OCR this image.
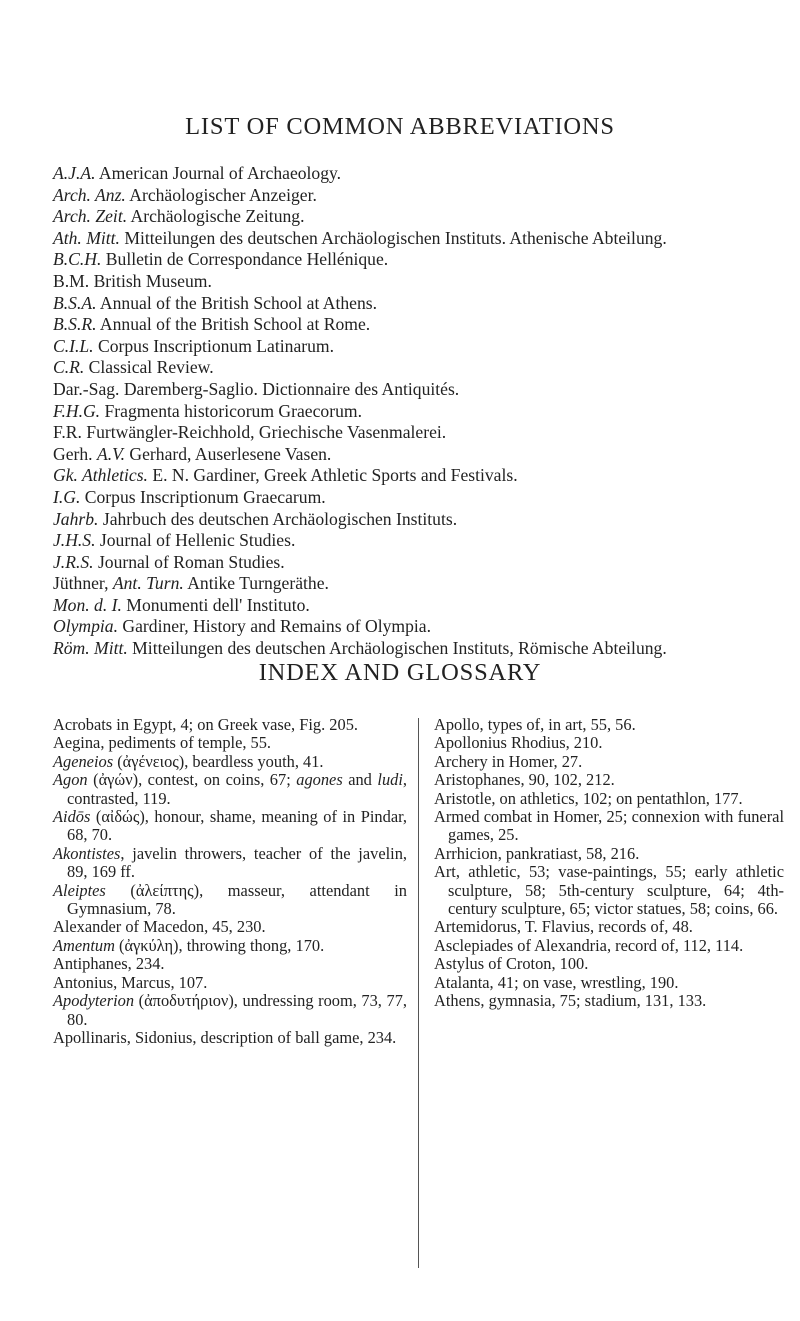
LIST OF COMMON ABBREVIATIONS
A.J.A. American Journal of Archaeology.
Arch. Anz. Archäologischer Anzeiger.
Arch. Zeit. Archäologische Zeitung.
Ath. Mitt. Mitteilungen des deutschen Archäologischen Instituts. Athenische Abteilung.
B.C.H. Bulletin de Correspondance Hellénique.
B.M. British Museum.
B.S.A. Annual of the British School at Athens.
B.S.R. Annual of the British School at Rome.
C.I.L. Corpus Inscriptionum Latinarum.
C.R. Classical Review.
Dar.-Sag. Daremberg-Saglio. Dictionnaire des Antiquités.
F.H.G. Fragmenta historicorum Graecorum.
F.R. Furtwängler-Reichhold, Griechische Vasenmalerei.
Gerh. A.V. Gerhard, Auserlesene Vasen.
Gk. Athletics. E. N. Gardiner, Greek Athletic Sports and Festivals.
I.G. Corpus Inscriptionum Graecarum.
Jahrb. Jahrbuch des deutschen Archäologischen Instituts.
J.H.S. Journal of Hellenic Studies.
J.R.S. Journal of Roman Studies.
Jüthner, Ant. Turn. Antike Turngeräthe.
Mon. d. I. Monumenti dell' Instituto.
Olympia. Gardiner, History and Remains of Olympia.
Röm. Mitt. Mitteilungen des deutschen Archäologischen Instituts, Römische Abteilung.
INDEX AND GLOSSARY
Acrobats in Egypt, 4; on Greek vase, Fig. 205.
Aegina, pediments of temple, 55.
Ageneios (ἀγένειος), beardless youth, 41.
Agon (ἀγών), contest, on coins, 67; agones and ludi, contrasted, 119.
Aidōs (αἰδώς), honour, shame, meaning of in Pindar, 68, 70.
Akontistes, javelin throwers, teacher of the javelin, 89, 169 ff.
Aleiptes (ἀλείπτης), masseur, attendant in Gymnasium, 78.
Alexander of Macedon, 45, 230.
Amentum (ἀγκύλη), throwing thong, 170.
Antiphanes, 234.
Antonius, Marcus, 107.
Apodyterion (ἀποδυτήριον), undressing room, 73, 77, 80.
Apollinaris, Sidonius, description of ball game, 234.
Apollo, types of, in art, 55, 56.
Apollonius Rhodius, 210.
Archery in Homer, 27.
Aristophanes, 90, 102, 212.
Aristotle, on athletics, 102; on pentathlon, 177.
Armed combat in Homer, 25; connexion with funeral games, 25.
Arrhicion, pankratiast, 58, 216.
Art, athletic, 53; vase-paintings, 55; early athletic sculpture, 58; 5th-century sculpture, 64; 4th-century sculpture, 65; victor statues, 58; coins, 66.
Artemidorus, T. Flavius, records of, 48.
Asclepiades of Alexandria, record of, 112, 114.
Astylus of Croton, 100.
Atalanta, 41; on vase, wrestling, 190.
Athens, gymnasia, 75; stadium, 131, 133.
